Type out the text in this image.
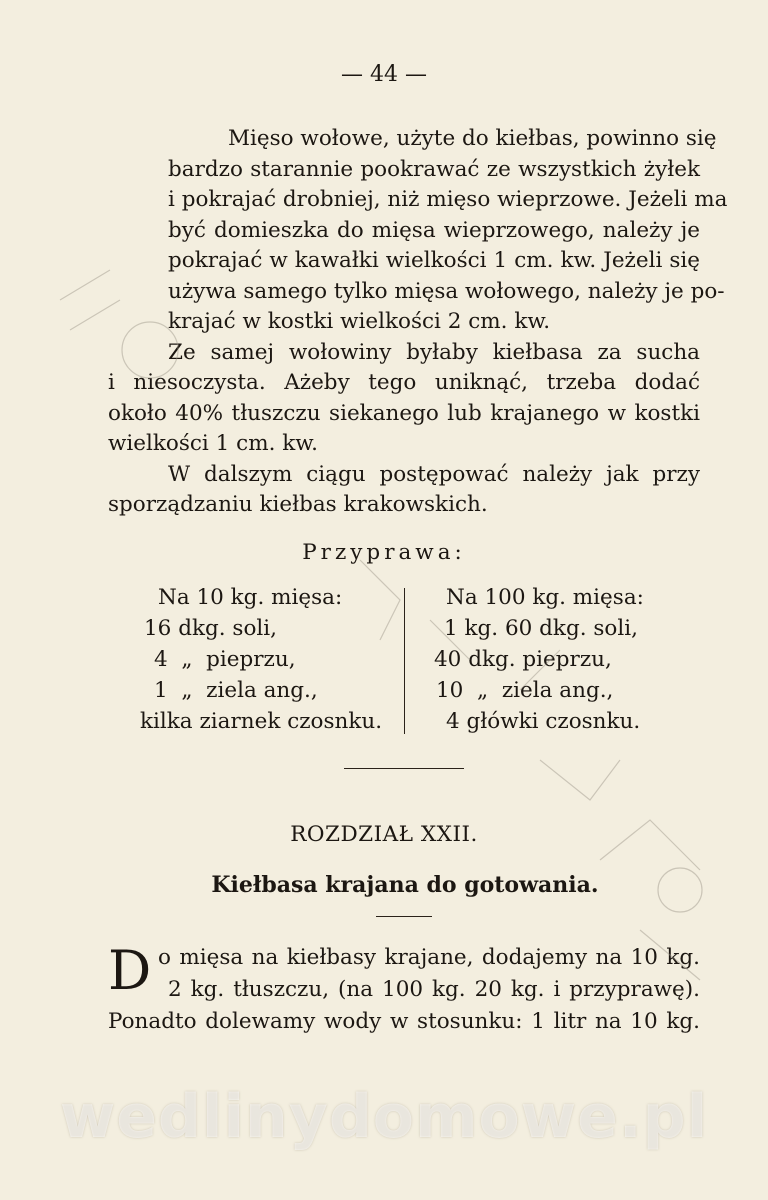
— 44 —

Mięso wołowe, użyte do kiełbas, powinno się
bardzo starannie pookrawać ze wszystkich żyłek
i pokrajać drobniej, niż mięso wieprzowe. Jeżeli ma
być domieszka do mięsa wieprzowego, należy je
pokrajać w kawałki wielkości 1 cm. kw. Jeżeli się
używa samego tylko mięsa wołowego, należy je po-
krajać w kostki wielkości 2 cm. kw.

Ze samej wołowiny byłaby kiełbasa za sucha
i niesoczysta. Ażeby tego uniknąć, trzeba dodać
około 40% tłuszczu siekanego lub krajanego w kostki
wielkości 1 cm. kw.

W dalszym ciągu postępować należy jak przy
sporządzaniu kiełbas krakowskich.

Przyprawa:
Na 10 kg. mięsa:
16 dkg. soli,
4  „  pieprzu,
1  „  ziela ang.,
kilka ziarnek czosnku.
Na 100 kg. mięsa:
1 kg. 60 dkg. soli,
40 dkg. pieprzu,
10  „  ziela ang.,
4 główki czosnku.
ROZDZIAŁ XXII.
Kiełbasa krajana do gotowania.
D o mięsa na kiełbasy krajane, dodajemy na 10 kg.
2 kg. tłuszczu, (na 100 kg. 20 kg. i przyprawę).
Ponadto dolewamy wody w stosunku: 1 litr na 10 kg.
wedlinydomowe.pl
